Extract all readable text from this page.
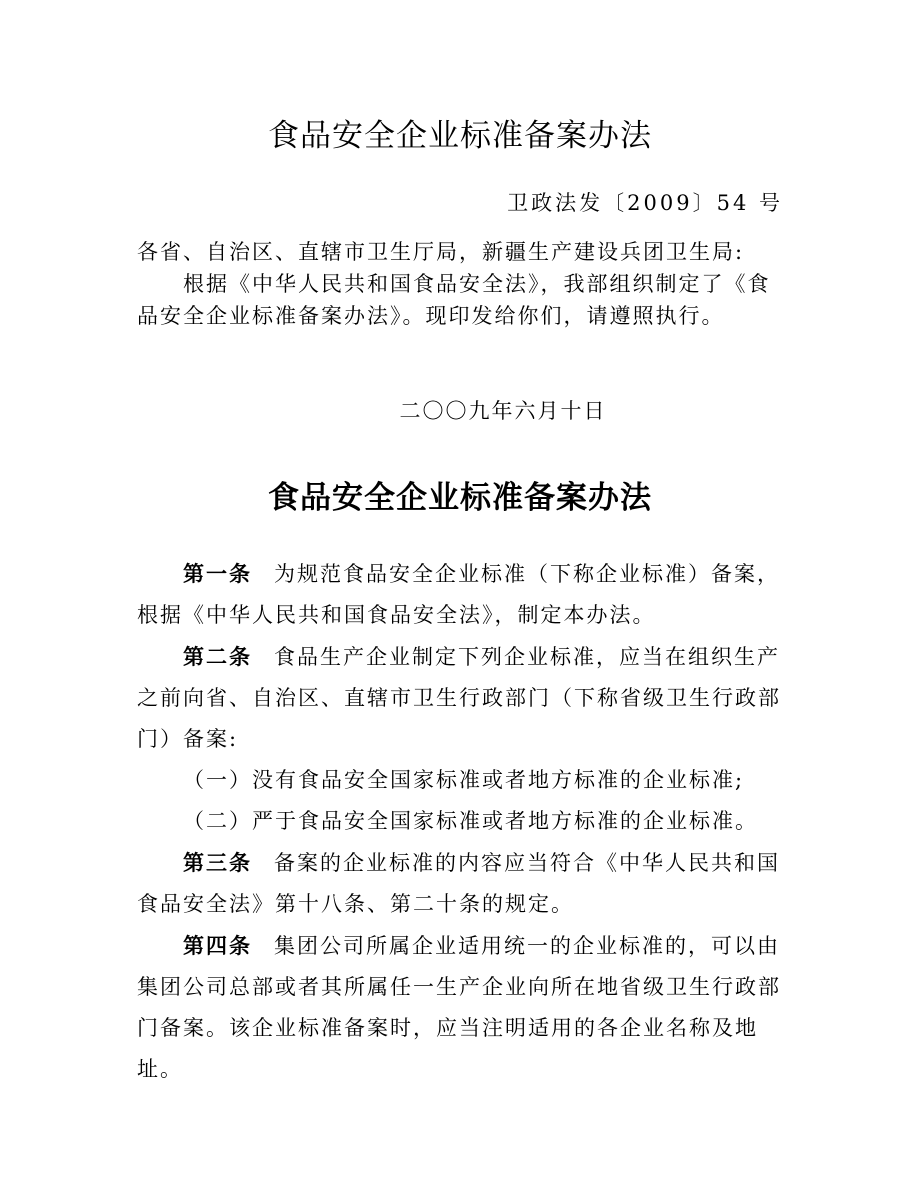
食品安全企业标准备案办法
卫政法发〔2009〕54 号

各省、自治区、直辖市卫生厅局，新疆生产建设兵团卫生局:

根据《中华人民共和国食品安全法》，我部组织制定了《食品安全企业标准备案办法》。现印发给你们，请遵照执行。

二〇〇九年六月十日
食品安全企业标准备案办法

第一条 为规范食品安全企业标准（下称企业标准）备案，根据《中华人民共和国食品安全法》，制定本办法。

第二条 食品生产企业制定下列企业标准，应当在组织生产之前向省、自治区、直辖市卫生行政部门（下称省级卫生行政部门）备案:

（一）没有食品安全国家标准或者地方标准的企业标准;

（二）严于食品安全国家标准或者地方标准的企业标准。

第三条 备案的企业标准的内容应当符合《中华人民共和国食品安全法》第十八条、第二十条的规定。

第四条 集团公司所属企业适用统一的企业标准的，可以由集团公司总部或者其所属任一生产企业向所在地省级卫生行政部门备案。该企业标准备案时，应当注明适用的各企业名称及地址。
